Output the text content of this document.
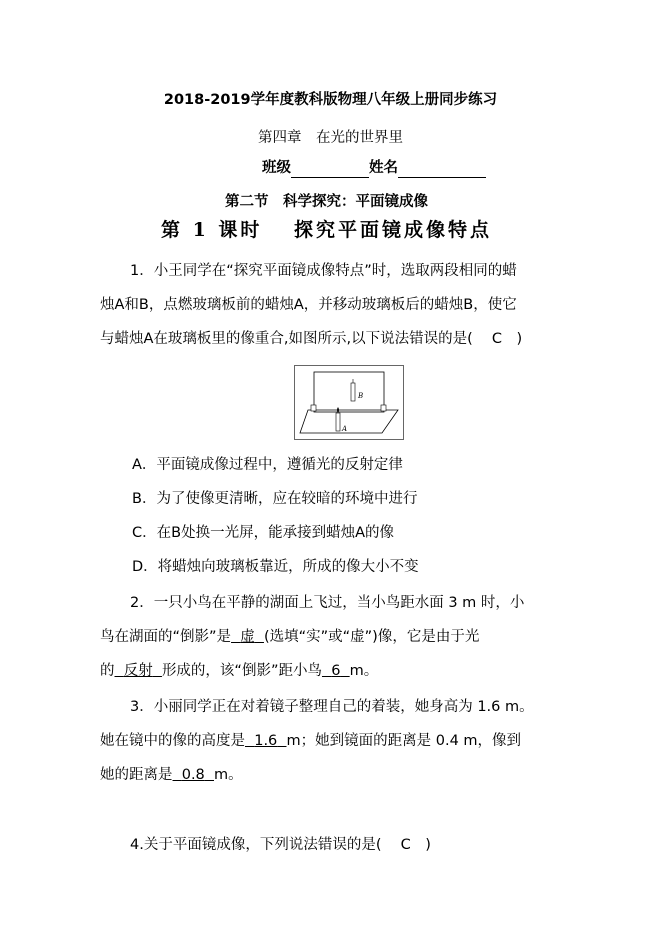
2018-2019学年度教科版物理八年级上册同步练习
第四章　在光的世界里
班级	姓名
第二节　科学探究：平面镜成像
第 1 课时　 探究平面镜成像特点
1．小王同学在“探究平面镜成像特点”时，选取两段相同的蜡
烛A和B，点燃玻璃板前的蜡烛A，并移动玻璃板后的蜡烛B，使它
与蜡烛A在玻璃板里的像重合,如图所示,以下说法错误的是(　 C　)
B
A
A．平面镜成像过程中，遵循光的反射定律
B．为了使像更清晰，应在较暗的环境中进行
C．在B处换一光屏，能承接到蜡烛A的像
D．将蜡烛向玻璃板靠近，所成的像大小不变
2．一只小鸟在平静的湖面上飞过，当小鸟距水面 3 m 时，小
鸟在湖面的“倒影”是 虚 (选填“实”或“虚”)像，它是由于光
的 反射 形成的，该“倒影”距小鸟 6 m。
3．小丽同学正在对着镜子整理自己的着装，她身高为 1.6 m。
她在镜中的像的高度是 1.6 m；她到镜面的距离是 0.4 m，像到
她的距离是 0.8 m。
4.关于平面镜成像，下列说法错误的是(　 C　)
